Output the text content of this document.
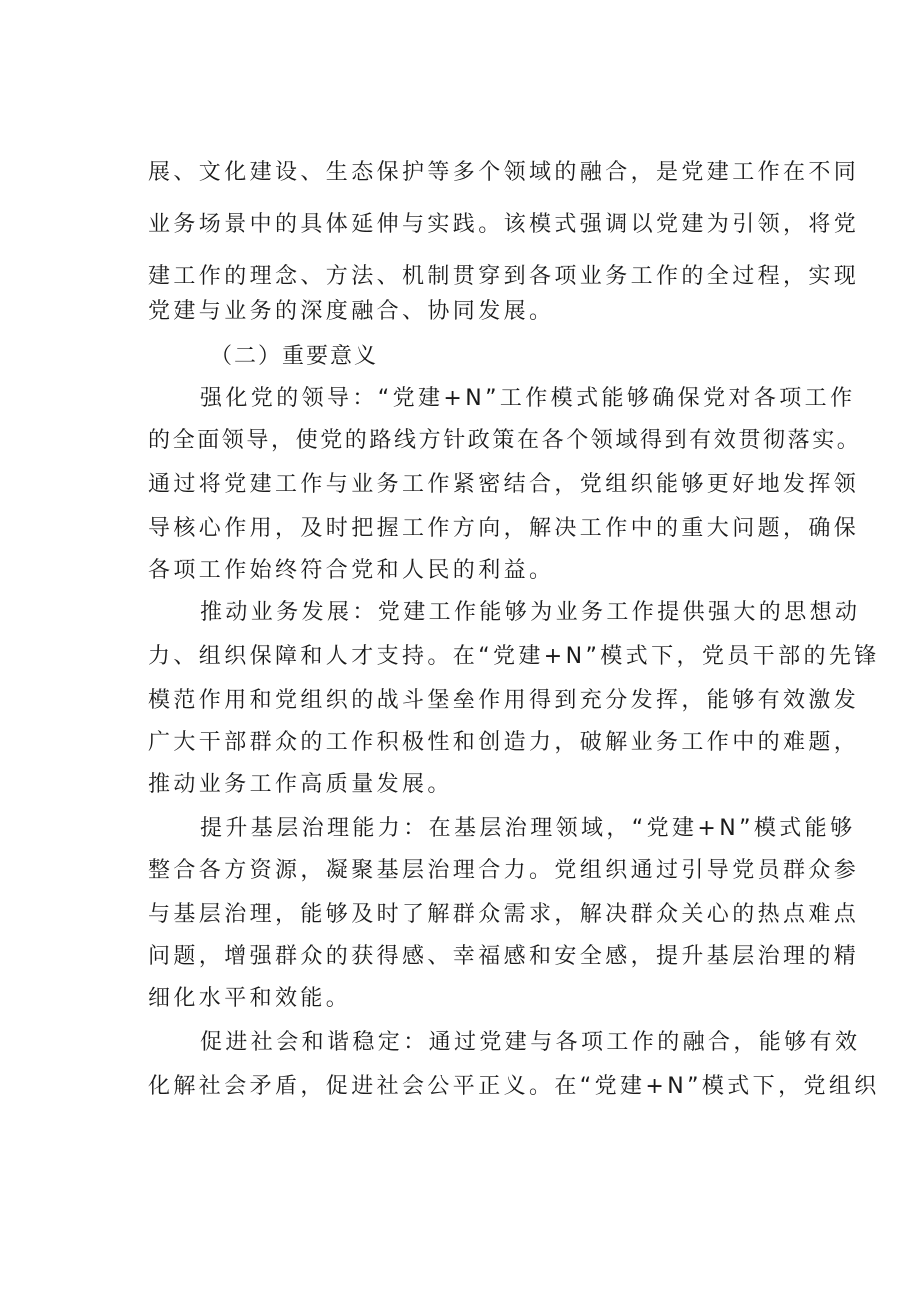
展、文化建设、生态保护等多个领域的融合，是党建工作在不同
业务场景中的具体延伸与实践。该模式强调以党建为引领，将党
建工作的理念、方法、机制贯穿到各项业务工作的全过程，实现
党建与业务的深度融合、协同发展。
（二）重要意义
强化党的领导：“党建+N”工作模式能够确保党对各项工作
的全面领导，使党的路线方针政策在各个领域得到有效贯彻落实。
通过将党建工作与业务工作紧密结合，党组织能够更好地发挥领
导核心作用，及时把握工作方向，解决工作中的重大问题，确保
各项工作始终符合党和人民的利益。
推动业务发展：党建工作能够为业务工作提供强大的思想动
力、组织保障和人才支持。在“党建+N”模式下，党员干部的先锋
模范作用和党组织的战斗堡垒作用得到充分发挥，能够有效激发
广大干部群众的工作积极性和创造力，破解业务工作中的难题，
推动业务工作高质量发展。
提升基层治理能力：在基层治理领域，“党建+N”模式能够
整合各方资源，凝聚基层治理合力。党组织通过引导党员群众参
与基层治理，能够及时了解群众需求，解决群众关心的热点难点
问题，增强群众的获得感、幸福感和安全感，提升基层治理的精
细化水平和效能。
促进社会和谐稳定：通过党建与各项工作的融合，能够有效
化解社会矛盾，促进社会公平正义。在“党建+N”模式下，党组织
